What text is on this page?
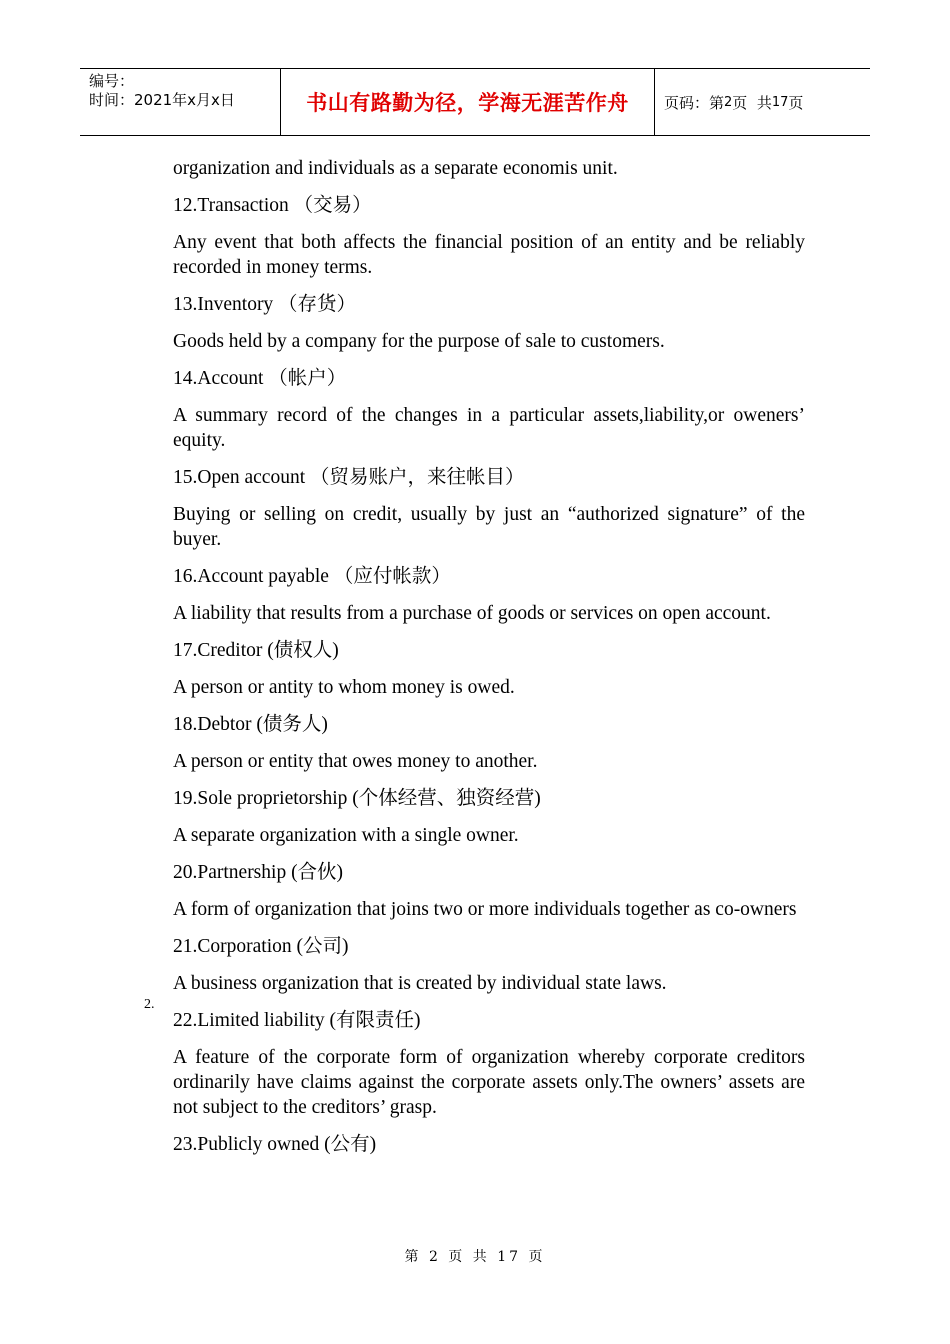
编号：
时间：2021年x月x日	书山有路勤为径，学海无涯苦作舟	页码：第 2 页  共 17 页

organization and individuals as a separate economis unit.

12.Transaction （交易）

Any event that both affects the financial position of an entity and be reliably recorded in money terms.

13.Inventory （存货）

Goods held by a company for the purpose of sale to customers.

14.Account （帐户）

A summary record of the changes in a particular assets,liability,or oweners’ equity.

15.Open account （贸易账户，来往帐目）

Buying or selling on credit, usually by just an “authorized signature” of the buyer.

16.Account payable （应付帐款）

A liability that results from a purchase of goods or services on open account.

17.Creditor (债权人)

A person or antity to whom money is owed.

18.Debtor (债务人)

A person or entity that owes money to another.

19.Sole proprietorship (个体经营、独资经营)

A separate organization with a single owner.

20.Partnership (合伙)

A form of organization that joins two or more individuals together as co-owners

21.Corporation (公司)

A business organization that is created by individual state laws.

22.Limited liability (有限责任)

A feature of the corporate form of organization whereby corporate creditors ordinarily have claims against the corporate assets only.The owners’ assets are not subject to the creditors’ grasp.

23.Publicly owned (公有)

2.
第 2 页 共 17 页
